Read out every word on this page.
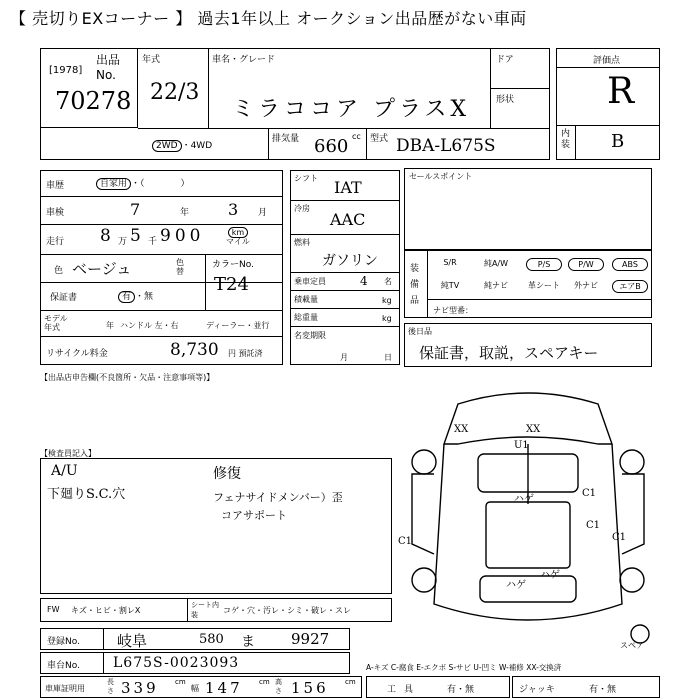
【 売切りEXコーナー 】 過去1年以上 オークション出品歴がない車両
出品No.
[1978]
70278
年式
22/3
車名・グレード
ミラココア プラスX
ドア
形状
2WD ・4WD
排気量 660 cc 型式 DBA-L675S
評価点
R
内装 B
車歴	自家用 ・（　　　　）
車検	7	年 3 月
走行 8 万 5 千 900	km
マイル
色 ベージュ	色替
カラーNo.
T24
保証書	有 ・無
モデル年式	年 ハンドル 左・右	ディーラー・並行
リサイクル料金	8,730 円 預託済
シフト IAT
冷房
AAC
燃料
ガソリン
乗車定員	4 名
積載量	kg
総重量	kg
名変期限
月	日
セールスポイント
装備品
ナビ型番：
後日品
保証書，取説，スペアキー
S/R	純A/W	P/S	P/W	ABS
純TV	純ナビ	革シート	外ナビ	エアB
【出品店申告欄(不良箇所・欠品・注意事項等)】
【検査員記入】
A/U
下廻りS.C.穴
修復
フェナサイドメンバー）歪
コアサポート
XX	XX
U1
ハゲ
ハゲ
C1
C1
C1	C1
ハゲ
スペア
FW キズ・ヒビ・割レX
シート内装	コゲ・穴・汚レ・シミ・破レ・スレ
登録No. 岐阜	580 ま 9927
車台No. L675S-0023093
車庫証明用
長さ 339 cm
幅 147 cm 高さ 156 cm
A-キズ C-腐食 E-エクボ S-サビ U-凹ミ W-補修 XX-交換済
工具	有・無	ジャッキ	有・無
